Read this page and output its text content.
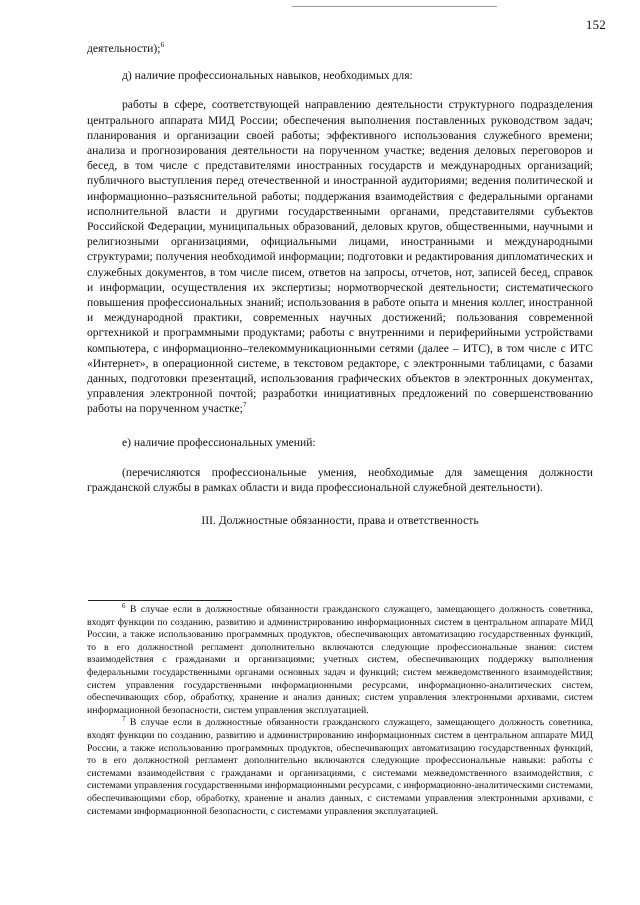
152

деятельности);$^6$

д) наличие профессиональных навыков, необходимых для:

работы в сфере, соответствующей направлению деятельности структурного подразделения центрального аппарата МИД России; обеспечения выполнения поставленных руководством задач; планирования и организации своей работы; эффективного использования служебного времени; анализа и прогнозирования деятельности на порученном участке; ведения деловых переговоров и бесед, в том числе с представителями иностранных государств и международных организаций; публичного выступления перед отечественной и иностранной аудиториями; ведения политической и информационно–разъяснительной работы; поддержания взаимодействия с федеральными органами исполнительной власти и другими государственными органами, представителями субъектов Российской Федерации, муниципальных образований, деловых кругов, общественными, научными и религиозными организациями, официальными лицами, иностранными и международными структурами; получения необходимой информации; подготовки и редактирования дипломатических и служебных документов, в том числе писем, ответов на запросы, отчетов, нот, записей бесед, справок и информации, осуществления их экспертизы; нормотворческой деятельности; систематического повышения профессиональных знаний; использования в работе опыта и мнения коллег, иностранной и международной практики, современных научных достижений; пользования современной оргтехникой и программными продуктами; работы с внутренними и периферийными устройствами компьютера, с информационно–телекоммуникационными сетями (далее – ИТС), в том числе с ИТС «Интернет», в операционной системе, в текстовом редакторе, с электронными таблицами, с базами данных, подготовки презентаций, использования графических объектов в электронных документах, управления электронной почтой; разработки инициативных предложений по совершенствованию работы на порученном участке;$^7$

е) наличие профессиональных умений:

(перечисляются профессиональные умения, необходимые для замещения должности гражданской службы в рамках области и вида профессиональной служебной деятельности).

III. Должностные обязанности, права и ответственность

$^6$ В случае если в должностные обязанности гражданского служащего, замещающего должность советника, входят функции по созданию, развитию и администрированию информационных систем в центральном аппарате МИД России, а также использованию программных продуктов, обеспечивающих автоматизацию государственных функций, то в его должностной регламент дополнительно включаются следующие профессиональные знания: систем взаимодействия с гражданами и организациями; учетных систем, обеспечивающих поддержку выполнения федеральными государственными органами основных задач и функций; систем межведомственного взаимодействия; систем управления государственными информационными ресурсами, информационно-аналитических систем, обеспечивающих сбор, обработку, хранение и анализ данных; систем управления электронными архивами, систем информационной безопасности, систем управления эксплуатацией.

$^7$ В случае если в должностные обязанности гражданского служащего, замещающего должность советника, входят функции по созданию, развитию и администрированию информационных систем в центральном аппарате МИД России, а также использованию программных продуктов, обеспечивающих автоматизацию государственных функций, то в его должностной регламент дополнительно включаются следующие профессиональные навыки: работы с системами взаимодействия с гражданами и организациями, с системами межведомственного взаимодействия, с системами управления государственными информационными ресурсами, с информационно-аналитическими системами, обеспечивающими сбор, обработку, хранение и анализ данных, с системами управления электронными архивами, с системами информационной безопасности, с системами управления эксплуатацией.
